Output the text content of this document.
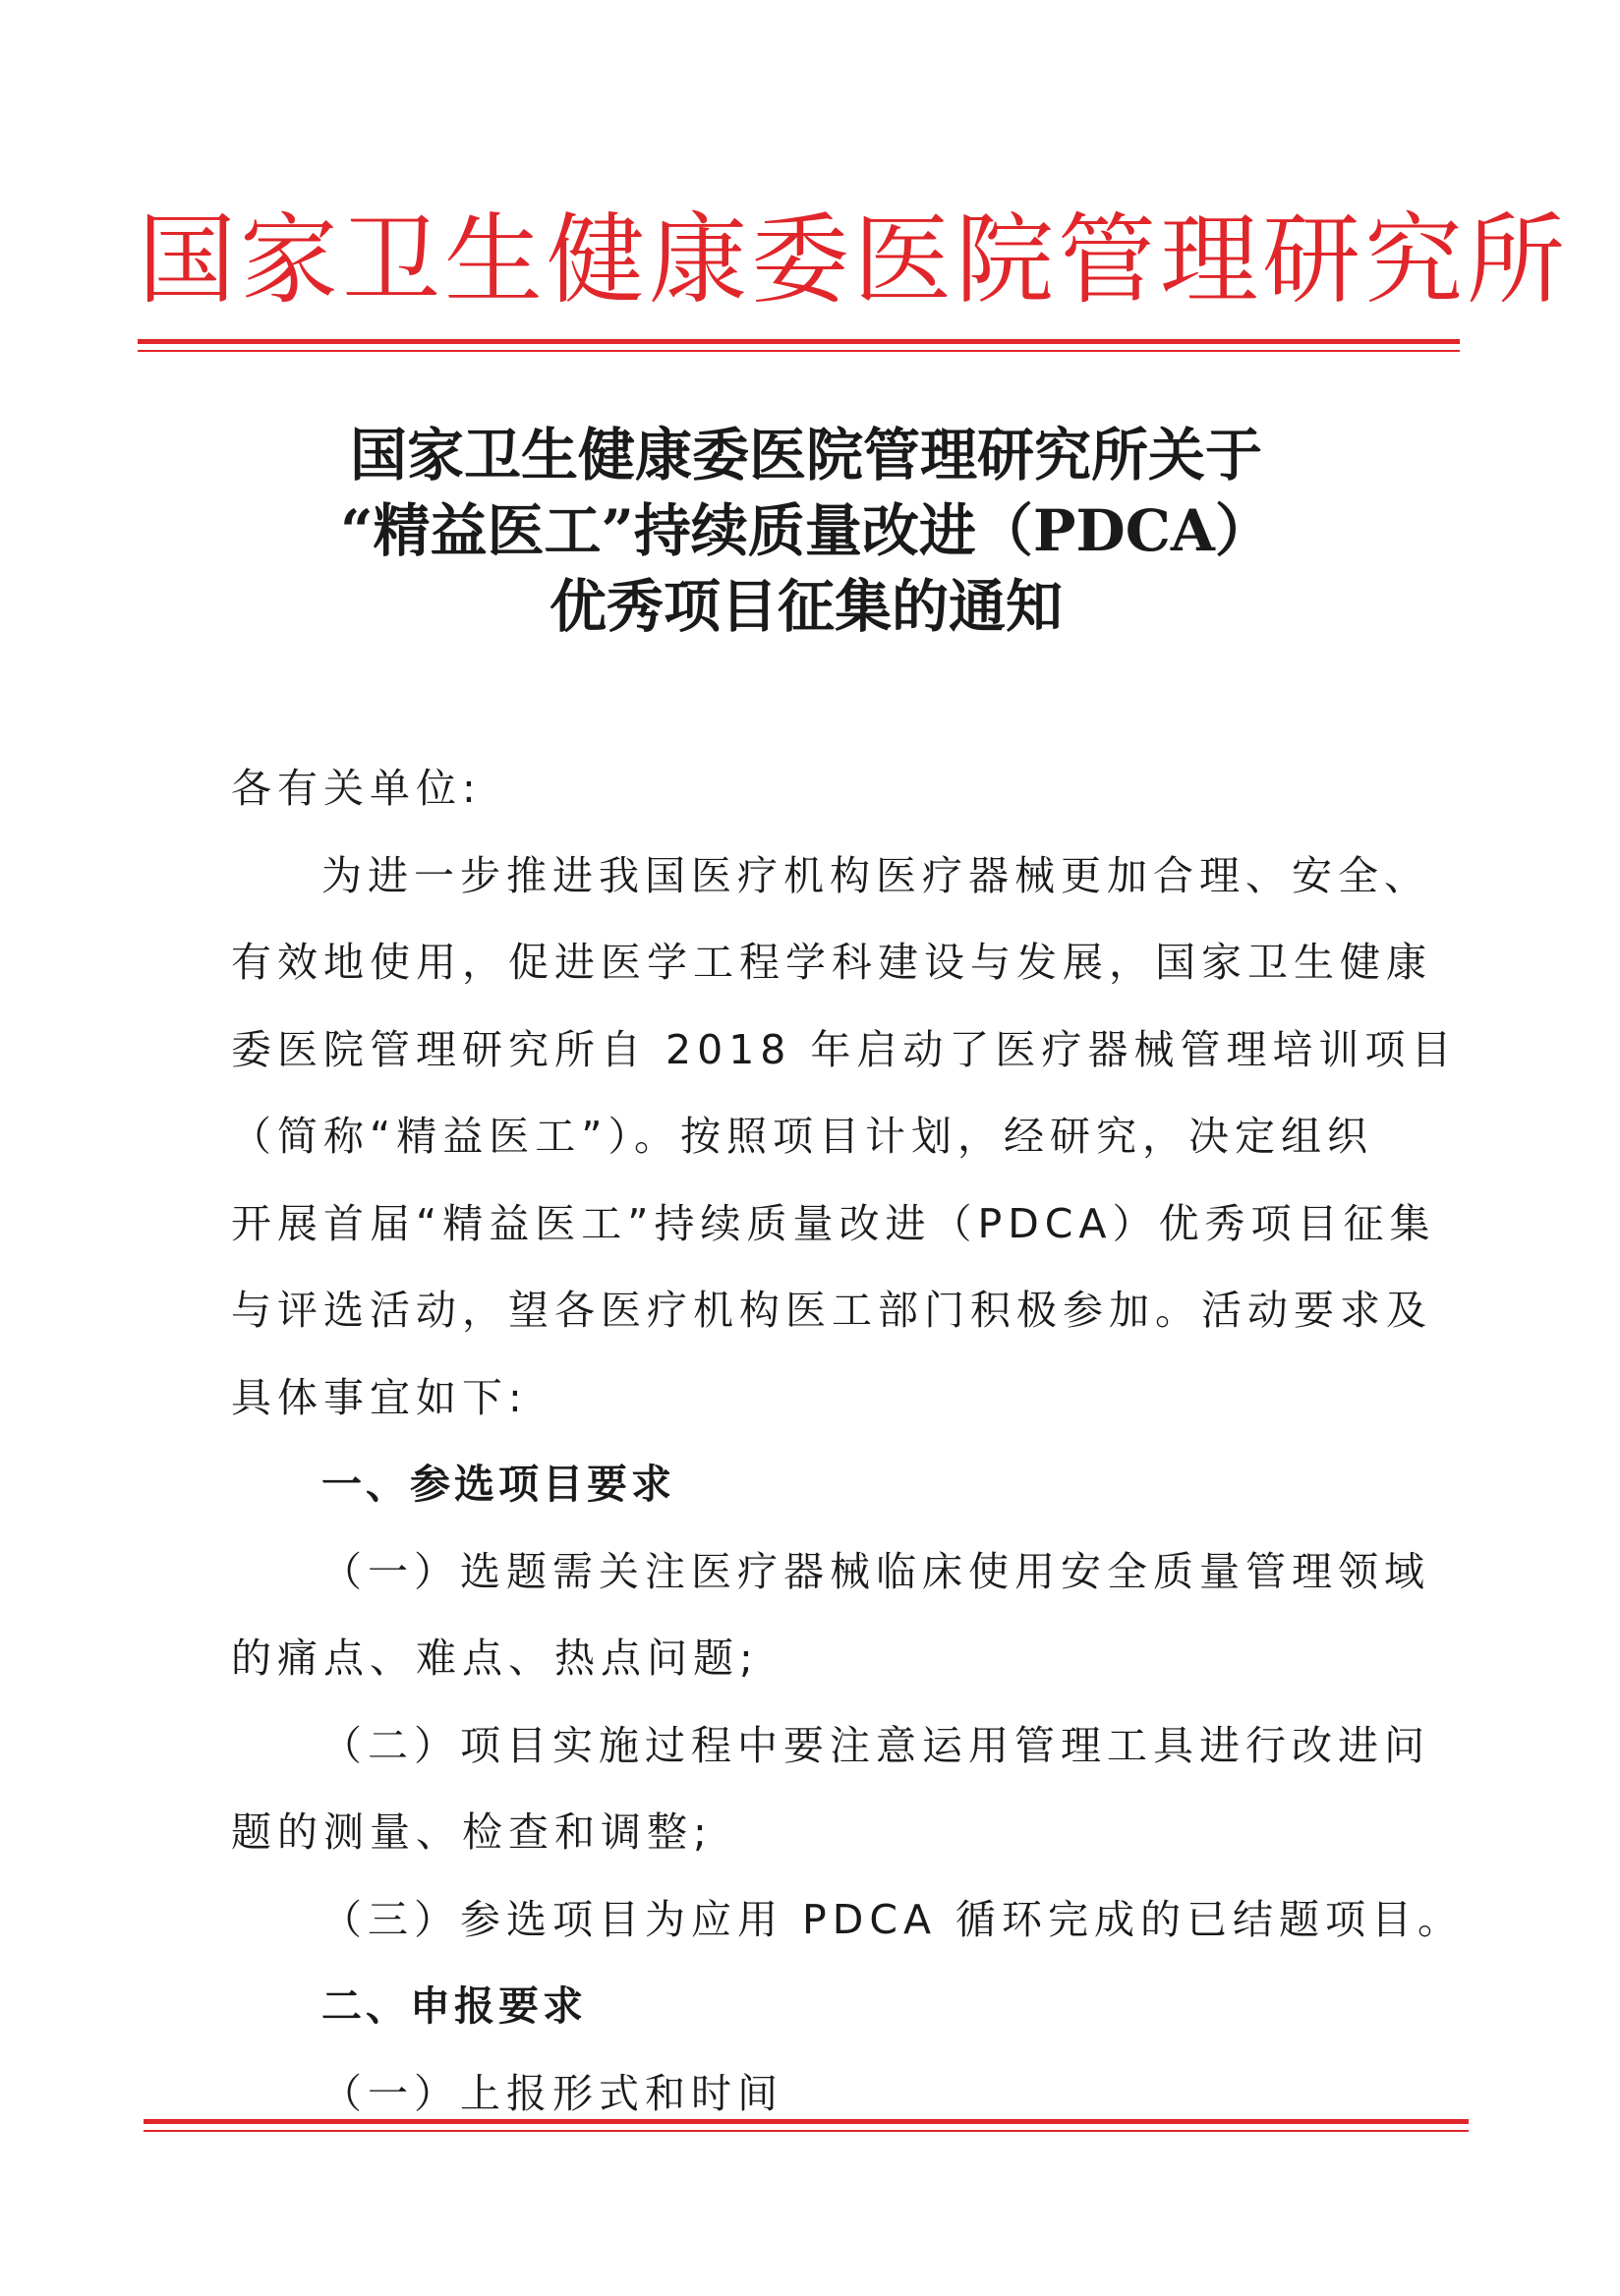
国家卫生健康委医院管理研究所
国家卫生健康委医院管理研究所关于
“精益医工”持续质量改进（PDCA）
优秀项目征集的通知
各有关单位:
为进一步推进我国医疗机构医疗器械更加合理、安全、
有效地使用，促进医学工程学科建设与发展，国家卫生健康
委医院管理研究所自 2018 年启动了医疗器械管理培训项目
（简称“精益医工”）。按照项目计划，经研究，决定组织
开展首届“精益医工”持续质量改进（PDCA）优秀项目征集
与评选活动，望各医疗机构医工部门积极参加。活动要求及
具体事宜如下:
一、参选项目要求
（一）选题需关注医疗器械临床使用安全质量管理领域
的痛点、难点、热点问题;
（二）项目实施过程中要注意运用管理工具进行改进问
题的测量、检查和调整;
（三）参选项目为应用 PDCA 循环完成的已结题项目。
二、申报要求
（一）上报形式和时间
